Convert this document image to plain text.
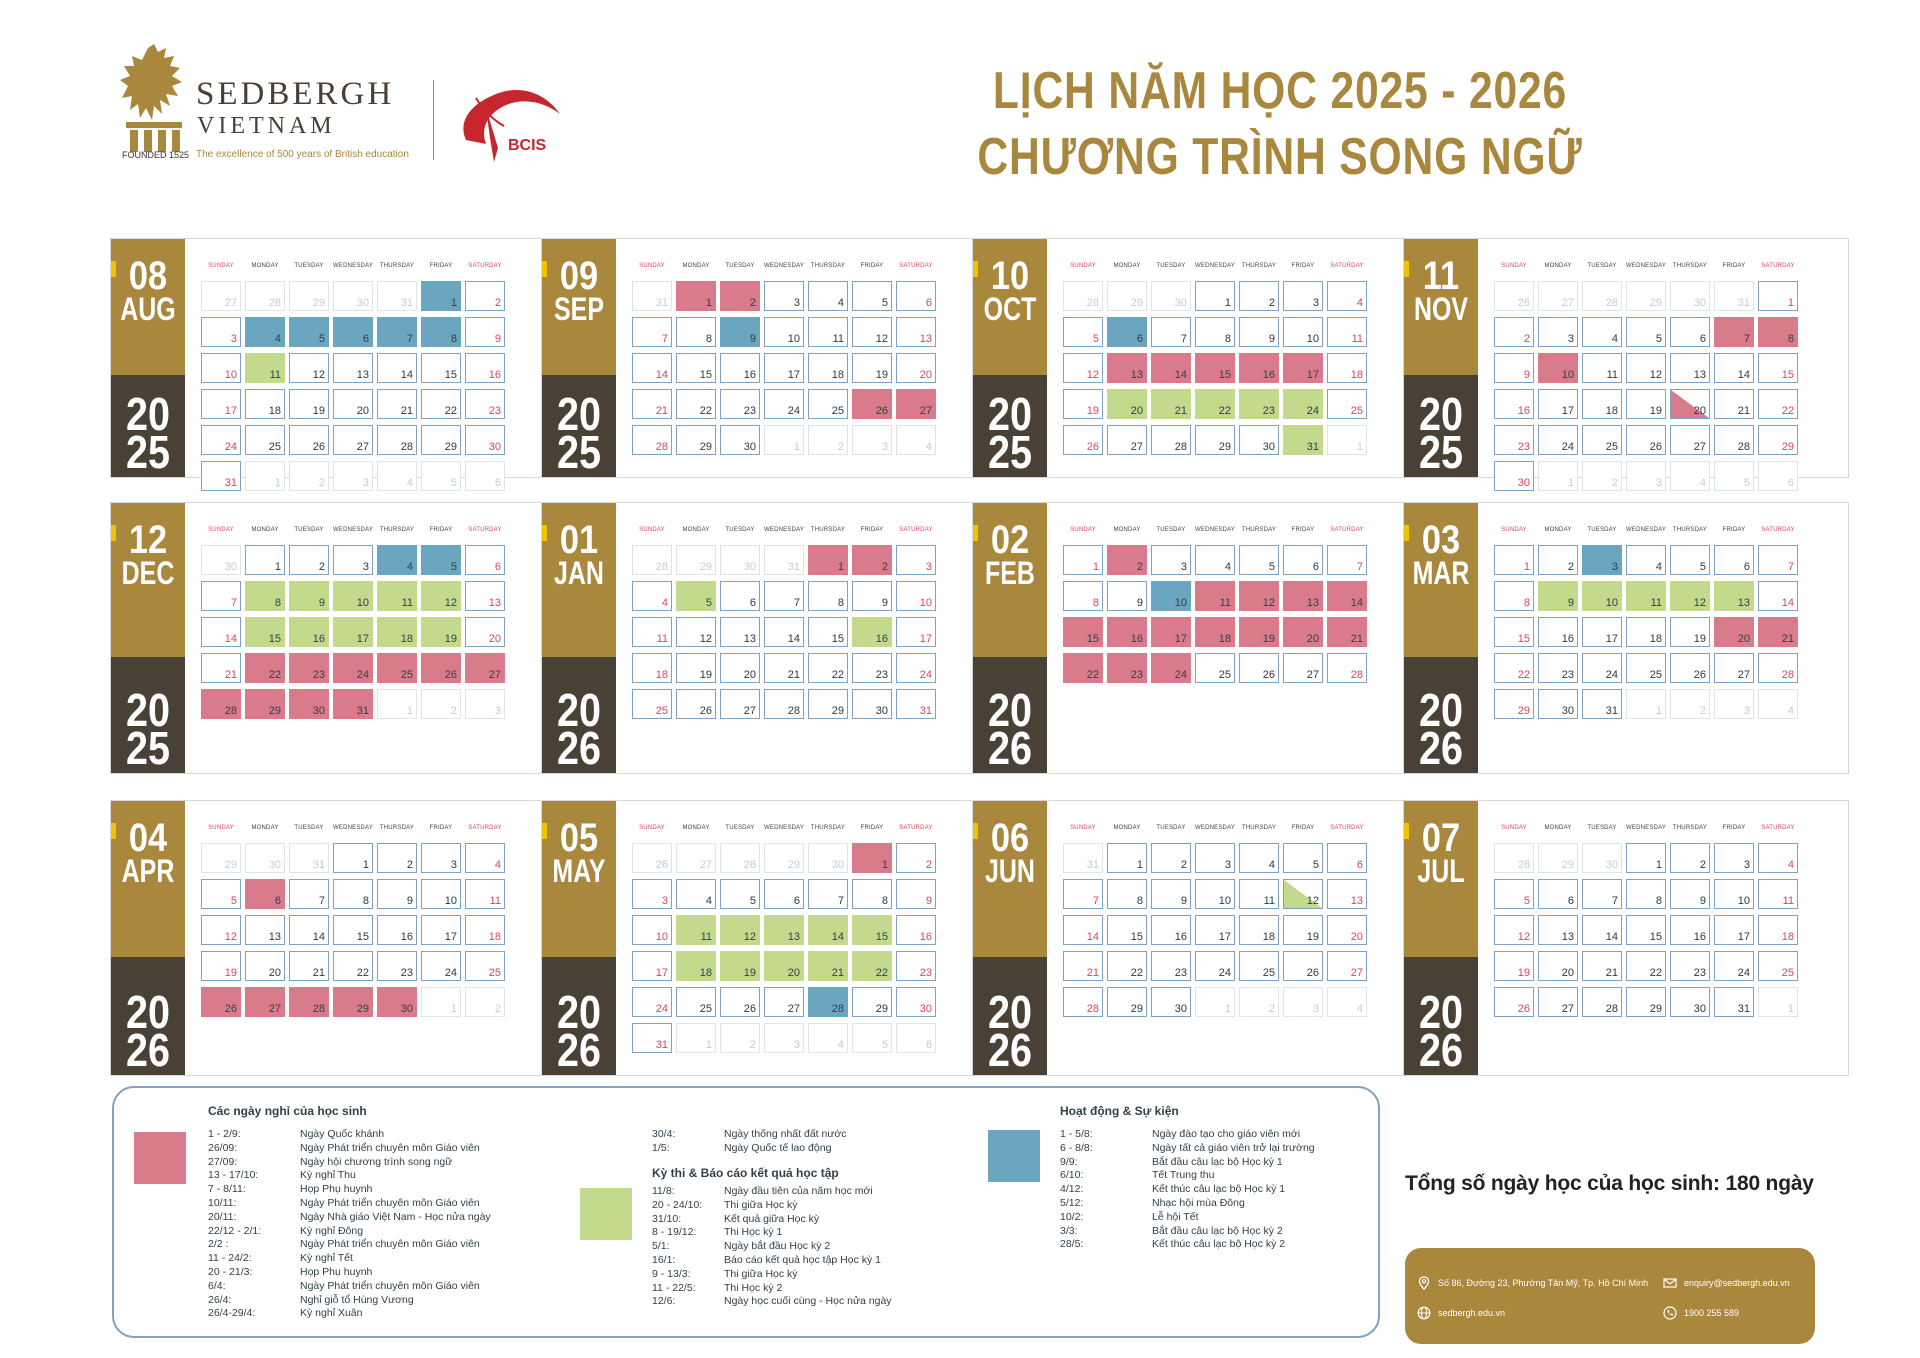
SEDBERGH
VIETNAM
FOUNDED 1525 The excellence of 500 years of British education
BCIS
LỊCH NĂM HỌC 2025 - 2026
CHƯƠNG TRÌNH SONG NGỮ
08
AUG
20
25
SUNDAY	MONDAY	TUESDAY	WEDNESDAY	THURSDAY	FRIDAY	SATURDAY
27	28	29	30	31	1	2
3	4	5	6	7	8	9
10	11	12	13	14	15	16
17	18	19	20	21	22	23
24	25	26	27	28	29	30
31	1	2	3	4	5	6
09
SEP
20
25
SUNDAY	MONDAY	TUESDAY	WEDNESDAY	THURSDAY	FRIDAY	SATURDAY
31	1	2	3	4	5	6
7	8	9	10	11	12	13
14	15	16	17	18	19	20
21	22	23	24	25	26	27
28	29	30	1	2	3	4
10
OCT
20
25
SUNDAY	MONDAY	TUESDAY	WEDNESDAY	THURSDAY	FRIDAY	SATURDAY
28	29	30	1	2	3	4
5	6	7	8	9	10	11
12	13	14	15	16	17	18
19	20	21	22	23	24	25
26	27	28	29	30	31	1
11
NOV
20
25
SUNDAY	MONDAY	TUESDAY	WEDNESDAY	THURSDAY	FRIDAY	SATURDAY
26	27	28	29	30	31	1
2	3	4	5	6	7	8
9	10	11	12	13	14	15
16	17	18	19	20	21	22
23	24	25	26	27	28	29
30	1	2	3	4	5	6
12
DEC
20
25
SUNDAY	MONDAY	TUESDAY	WEDNESDAY	THURSDAY	FRIDAY	SATURDAY
30	1	2	3	4	5	6
7	8	9	10	11	12	13
14	15	16	17	18	19	20
21	22	23	24	25	26	27
28	29	30	31	1	2	3
01
JAN
20
26
SUNDAY	MONDAY	TUESDAY	WEDNESDAY	THURSDAY	FRIDAY	SATURDAY
28	29	30	31	1	2	3
4	5	6	7	8	9	10
11	12	13	14	15	16	17
18	19	20	21	22	23	24
25	26	27	28	29	30	31
02
FEB
20
26
SUNDAY	MONDAY	TUESDAY	WEDNESDAY	THURSDAY	FRIDAY	SATURDAY
1	2	3	4	5	6	7
8	9	10	11	12	13	14
15	16	17	18	19	20	21
22	23	24	25	26	27	28
03
MAR
20
26
SUNDAY	MONDAY	TUESDAY	WEDNESDAY	THURSDAY	FRIDAY	SATURDAY
1	2	3	4	5	6	7
8	9	10	11	12	13	14
15	16	17	18	19	20	21
22	23	24	25	26	27	28
29	30	31	1	2	3	4
04
APR
20
26
SUNDAY	MONDAY	TUESDAY	WEDNESDAY	THURSDAY	FRIDAY	SATURDAY
29	30	31	1	2	3	4
5	6	7	8	9	10	11
12	13	14	15	16	17	18
19	20	21	22	23	24	25
26	27	28	29	30	1	2
05
MAY
20
26
SUNDAY	MONDAY	TUESDAY	WEDNESDAY	THURSDAY	FRIDAY	SATURDAY
26	27	28	29	30	1	2
3	4	5	6	7	8	9
10	11	12	13	14	15	16
17	18	19	20	21	22	23
24	25	26	27	28	29	30
31	1	2	3	4	5	6
06
JUN
20
26
SUNDAY	MONDAY	TUESDAY	WEDNESDAY	THURSDAY	FRIDAY	SATURDAY
31	1	2	3	4	5	6
7	8	9	10	11	12	13
14	15	16	17	18	19	20
21	22	23	24	25	26	27
28	29	30	1	2	3	4
07
JUL
20
26
SUNDAY	MONDAY	TUESDAY	WEDNESDAY	THURSDAY	FRIDAY	SATURDAY
28	29	30	1	2	3	4
5	6	7	8	9	10	11
12	13	14	15	16	17	18
19	20	21	22	23	24	25
26	27	28	29	30	31	1
Các ngày nghỉ của học sinh
1 - 2/9:	Ngày Quốc khánh
26/09:	Ngày Phát triển chuyên môn Giáo viên
27/09:	Ngày hội chương trình song ngữ
13 - 17/10:	Kỳ nghỉ Thu
7 - 8/11:	Họp Phụ huynh
10/11:	Ngày Phát triển chuyên môn Giáo viên
20/11:	Ngày Nhà giáo Việt Nam - Học nửa ngày
22/12 - 2/1:	Kỳ nghỉ Đông
2/2 :	Ngày Phát triển chuyên môn Giáo viên
11 - 24/2:	Kỳ nghỉ Tết
20 - 21/3:	Họp Phụ huynh
6/4:	Ngày Phát triển chuyên môn Giáo viên
26/4:	Nghỉ giỗ tổ Hùng Vương
26/4-29/4:	Kỳ nghỉ Xuân
30/4:	Ngày thống nhất đất nước
1/5:	Ngày Quốc tế lao động
Kỳ thi & Báo cáo kết quả học tập
11/8:	Ngày đầu tiên của năm học mới
20 - 24/10:	Thi giữa Học kỳ
31/10:	Kết quả giữa Học kỳ
8 - 19/12:	Thi Học kỳ 1
5/1:	Ngày bắt đầu Học kỳ 2
16/1:	Báo cáo kết quả học tập Học kỳ 1
9 - 13/3:	Thi giữa Học kỳ
11 - 22/5:	Thi Học kỳ 2
12/6:	Ngày học cuối cùng - Học nửa ngày
Hoạt động & Sự kiện
1 - 5/8:	Ngày đào tạo cho giáo viên mới
6 - 8/8:	Ngày tất cả giáo viên trở lại trường
9/9:	Bắt đầu câu lạc bộ Học kỳ 1
6/10:	Tết Trung thu
4/12:	Kết thúc câu lạc bộ Học kỳ 1
5/12:	Nhạc hội mùa Đông
10/2:	Lễ hội Tết
3/3:	Bắt đầu câu lạc bộ Học kỳ 2
28/5:	Kết thúc câu lạc bộ Học kỳ 2
Tổng số ngày học của học sinh: 180 ngày
Số 86, Đường 23, Phường Tân Mỹ, Tp. Hồ Chí Minh	enquiry@sedbergh.edu.vn
sedbergh.edu.vn	1900 255 589
